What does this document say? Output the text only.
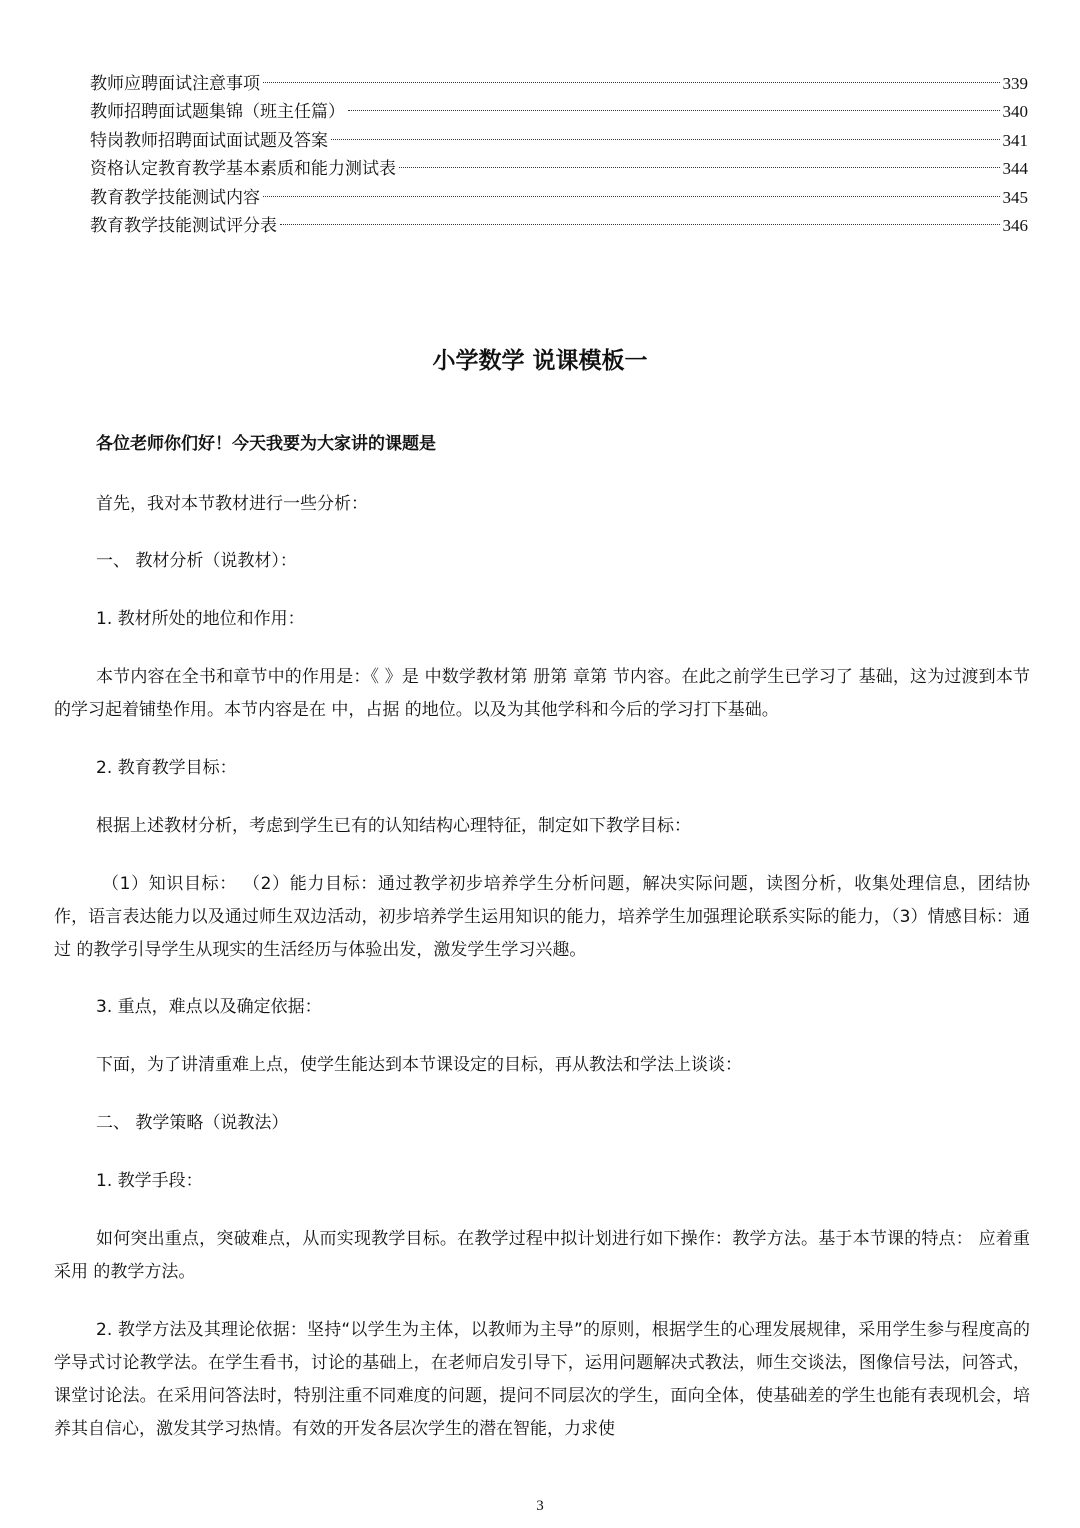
教师应聘面试注意事项	339
教师招聘面试题集锦（班主任篇）	340
特岗教师招聘面试面试题及答案	341
资格认定教育教学基本素质和能力测试表	344
教育教学技能测试内容	345
教育教学技能测试评分表	346
小学数学 说课模板一

各位老师你们好！今天我要为大家讲的课题是

首先，我对本节教材进行一些分析：

一、 教材分析（说教材）：

1. 教材所处的地位和作用：

本节内容在全书和章节中的作用是：《 》是 中数学教材第 册第 章第 节内容。在此之前学生已学习了 基础，这为过渡到本节的学习起着铺垫作用。本节内容是在 中，占据 的地位。以及为其他学科和今后的学习打下基础。

2. 教育教学目标：

根据上述教材分析，考虑到学生已有的认知结构心理特征，制定如下教学目标：

（1）知识目标： （2）能力目标：通过教学初步培养学生分析问题，解决实际问题，读图分析，收集处理信息，团结协作，语言表达能力以及通过师生双边活动，初步培养学生运用知识的能力，培养学生加强理论联系实际的能力，（3）情感目标：通过 的教学引导学生从现实的生活经历与体验出发，激发学生学习兴趣。

3. 重点，难点以及确定依据：

下面，为了讲清重难上点，使学生能达到本节课设定的目标，再从教法和学法上谈谈：

二、 教学策略（说教法）

1. 教学手段：

如何突出重点，突破难点，从而实现教学目标。在教学过程中拟计划进行如下操作：教学方法。基于本节课的特点： 应着重采用 的教学方法。

2. 教学方法及其理论依据：坚持“以学生为主体，以教师为主导”的原则，根据学生的心理发展规律，采用学生参与程度高的学导式讨论教学法。在学生看书，讨论的基础上，在老师启发引导下，运用问题解决式教法，师生交谈法，图像信号法，问答式，课堂讨论法。在采用问答法时，特别注重不同难度的问题，提问不同层次的学生，面向全体，使基础差的学生也能有表现机会，培养其自信心，激发其学习热情。有效的开发各层次学生的潜在智能，力求使

3
